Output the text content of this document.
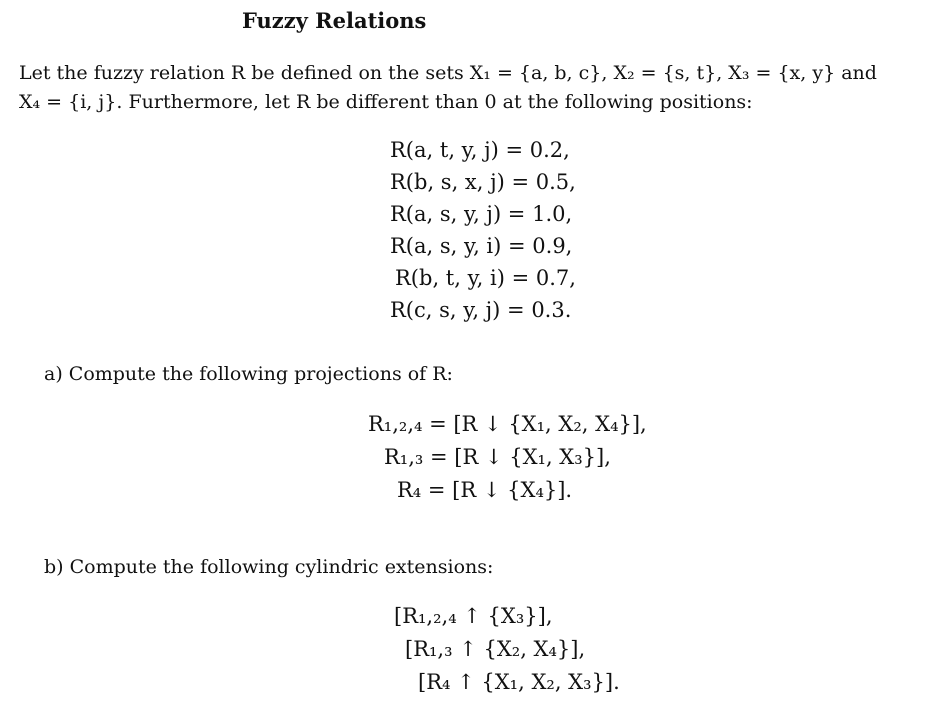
Fuzzy Relations
Let the fuzzy relation R be defined on the sets X₁ = {a, b, c}, X₂ = {s, t}, X₃ = {x, y} and
X₄ = {i, j}. Furthermore, let R be different than 0 at the following positions:
R(a, t, y, j) = 0.2,
R(b, s, x, j) = 0.5,
R(a, s, y, j) = 1.0,
R(a, s, y, i) = 0.9,
R(b, t, y, i) = 0.7,
R(c, s, y, j) = 0.3.
a) Compute the following projections of R:
R₁,₂,₄ = [R ↓ {X₁, X₂, X₄}],
R₁,₃ = [R ↓ {X₁, X₃}],
R₄ = [R ↓ {X₄}].
b) Compute the following cylindric extensions:
[R₁,₂,₄ ↑ {X₃}],
[R₁,₃ ↑ {X₂, X₄}],
[R₄ ↑ {X₁, X₂, X₃}].
